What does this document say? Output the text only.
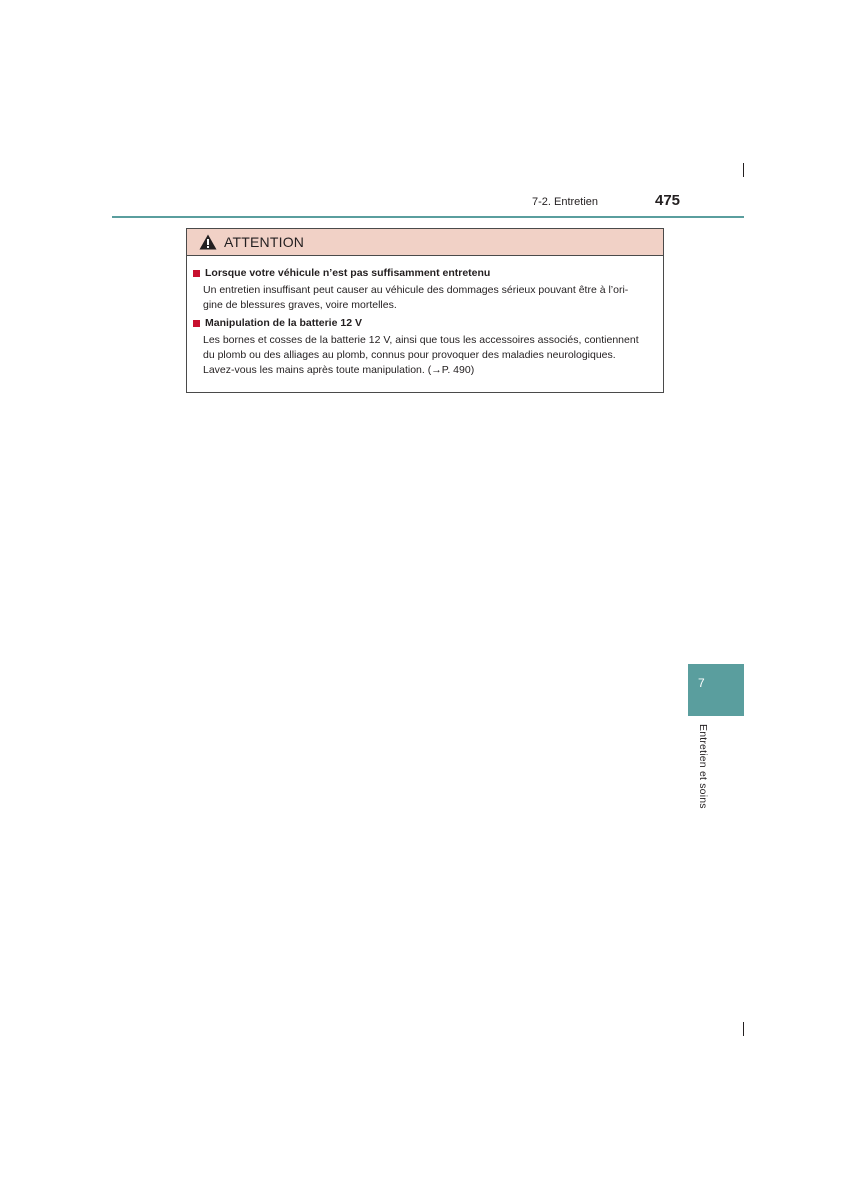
7-2. Entretien	475
ATTENTION
Lorsque votre véhicule n’est pas suffisamment entretenu
Un entretien insuffisant peut causer au véhicule des dommages sérieux pouvant être à l’ori-
gine de blessures graves, voire mortelles.
Manipulation de la batterie 12 V
Les bornes et cosses de la batterie 12 V, ainsi que tous les accessoires associés, contiennent
du plomb ou des alliages au plomb, connus pour provoquer des maladies neurologiques.
Lavez-vous les mains après toute manipulation. (→P. 490)
7
Entretien et soins
